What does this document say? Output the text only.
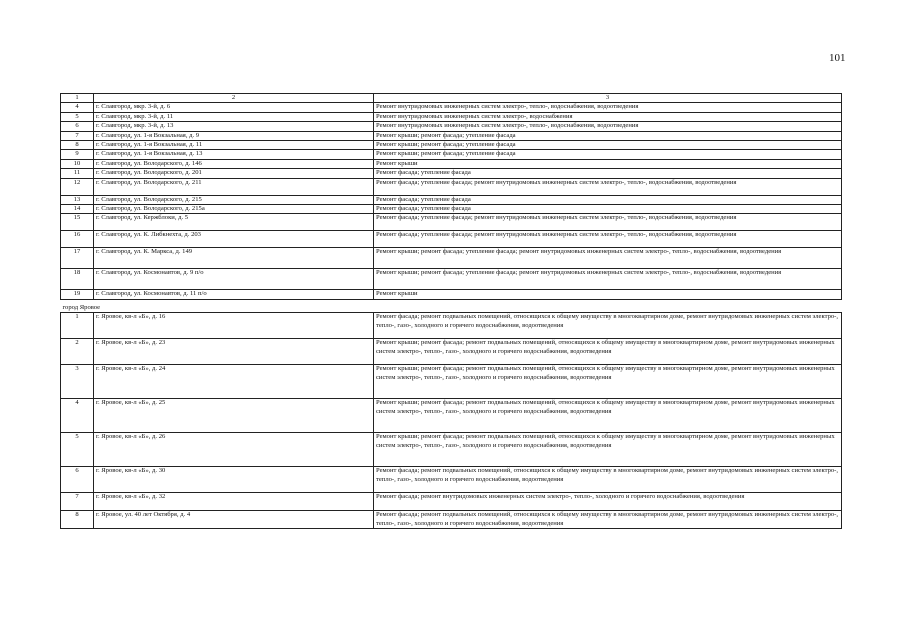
101
1	2	3
4	г. Славгород, мкр. 3-й, д. 6	Ремонт внутридомовых инженерных систем электро-, тепло-, водоснабжения, водоотведения
5	г. Славгород, мкр. 3-й, д. 11	Ремонт внутридомовых инженерных систем электро-, водоснабжения
6	г. Славгород, мкр. 3-й, д. 13	Ремонт внутридомовых инженерных систем электро-, тепло-, водоснабжения, водоотведения
7	г. Славгород, ул. 1-я Вокзальная, д. 9	Ремонт крыши; ремонт фасада; утепление фасада
8	г. Славгород, ул. 1-я Вокзальная, д. 11	Ремонт крыши; ремонт фасада; утепление фасада
9	г. Славгород, ул. 1-я Вокзальная, д. 13	Ремонт крыши; ремонт фасада; утепление фасада
10	г. Славгород, ул. Володарского, д. 146	Ремонт крыши
11	г. Славгород, ул. Володарского, д. 201	Ремонт фасада; утепление фасада
12	г. Славгород, ул. Володарского, д. 211	Ремонт фасада; утепление фасада; ремонт внутридомовых инженерных систем электро-, тепло-, водоснабжения, водоотведения
13	г. Славгород, ул. Володарского, д. 215	Ремонт фасада; утепление фасада
14	г. Славгород, ул. Володарского, д. 215а	Ремонт фасада; утепление фасада
15	г. Славгород, ул. Кержблоки, д. 5	Ремонт фасада; утепление фасада; ремонт внутридомовых инженерных систем электро-, тепло-, водоснабжения, водоотведения
16	г. Славгород, ул. К. Либкнехта, д. 203	Ремонт фасада; утепление фасада; ремонт внутридомовых инженерных систем электро-, тепло-, водоснабжения, водоотведения
17	г. Славгород, ул. К. Маркса, д. 149	Ремонт крыши; ремонт фасада; утепление фасада; ремонт внутридомовых инженерных систем электро-, тепло-, водоснабжения, водоотведения
18	г. Славгород, ул. Космонавтов, д. 9 п/о	Ремонт крыши; ремонт фасада; утепление фасада; ремонт внутридомовых инженерных систем электро-, тепло-, водоснабжения, водоотведения
19	г. Славгород, ул. Космонавтов, д. 11 п/о	Ремонт крыши
город Яровое		
1	г. Яровое, кв-л «Б», д. 16	Ремонт фасада; ремонт подвальных помещений, относящихся к общему имуществу в многоквартирном доме, ремонт внутридомовых инженерных систем электро-, тепло-, газо-, холодного и горячего водоснабжения, водоотведения
2	г. Яровое, кв-л «Б», д. 23	Ремонт крыши; ремонт фасада; ремонт подвальных помещений, относящихся к общему имуществу в многоквартирном доме, ремонт внутридомовых инженерных систем электро-, тепло-, газо-, холодного и горячего водоснабжения, водоотведения
3	г. Яровое, кв-л «Б», д. 24	Ремонт крыши; ремонт фасада; ремонт подвальных помещений, относящихся к общему имуществу в многоквартирном доме, ремонт внутридомовых инженерных систем электро-, тепло-, газо-, холодного и горячего водоснабжения, водоотведения
4	г. Яровое, кв-л «Б», д. 25	Ремонт крыши; ремонт фасада; ремонт подвальных помещений, относящихся к общему имуществу в многоквартирном доме, ремонт внутридомовых инженерных систем электро-, тепло-, газо-, холодного и горячего водоснабжения, водоотведения
5	г. Яровое, кв-л «Б», д. 26	Ремонт крыши; ремонт фасада; ремонт подвальных помещений, относящихся к общему имуществу в многоквартирном доме, ремонт внутридомовых инженерных систем электро-, тепло-, газо-, холодного и горячего водоснабжения, водоотведения
6	г. Яровое, кв-л «Б», д. 30	Ремонт фасада; ремонт подвальных помещений, относящихся к общему имуществу в многоквартирном доме, ремонт внутридомовых инженерных систем электро-, тепло-, газо-, холодного и горячего водоснабжения, водоотведения
7	г. Яровое, кв-л «Б», д. 32	Ремонт фасада; ремонт внутридомовых инженерных систем электро-, тепло-, холодного и горячего водоснабжения, водоотведения
8	г. Яровое, ул. 40 лет Октября, д. 4	Ремонт фасада; ремонт подвальных помещений, относящихся к общему имуществу в многоквартирном доме, ремонт внутридомовых инженерных систем электро-, тепло-, газо-, холодного и горячего водоснабжения, водоотведения
